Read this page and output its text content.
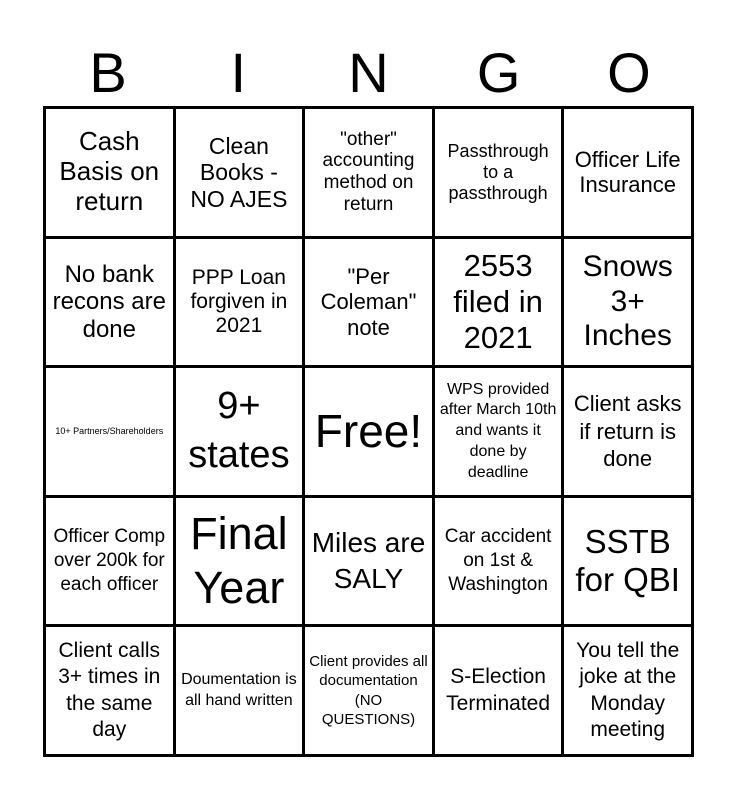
B	I	N	G	O
Cash Basis on return
Clean Books - NO AJES
"other" accounting method on return
Passthrough to a passthrough
Officer Life Insurance
No bank recons are done
PPP Loan forgiven in 2021
"Per Coleman" note
2553 filed in 2021
Snows 3+ Inches
10+ Partners/Shareholders
9+ states Free!
WPS provided after March 10th and wants it done by deadline
Client asks if return is done
Officer Comp over 200k for each officer
Final Year
Miles are SALY
Car accident on 1st & Washington
SSTB for QBI
Client calls 3+ times in the same day
Doumentation is all hand written
Client provides all documentation (NO QUESTIONS)
S-Election Terminated
You tell the joke at the Monday meeting
